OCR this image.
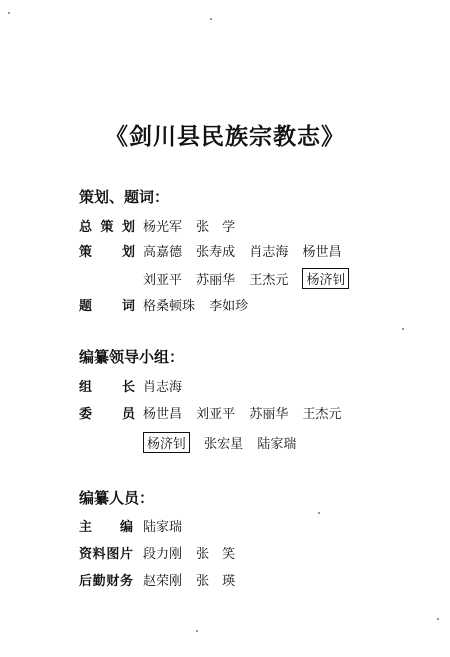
《剑川县民族宗教志》
策划、题词：
总 策 划 杨光军 张　学
策 划 高嘉德 张寿成 肖志海 杨世昌
刘亚平 苏丽华 王杰元 杨济钊
题 词 格桑顿珠 李如珍
编纂领导小组：
组 长 肖志海
委 员 杨世昌 刘亚平 苏丽华 王杰元
杨济钊 张宏星 陆家瑞
编纂人员：
主 编 陆家瑞
资 料 图 片 段力刚 张　笑
后 勤 财 务 赵荣刚 张　瑛
